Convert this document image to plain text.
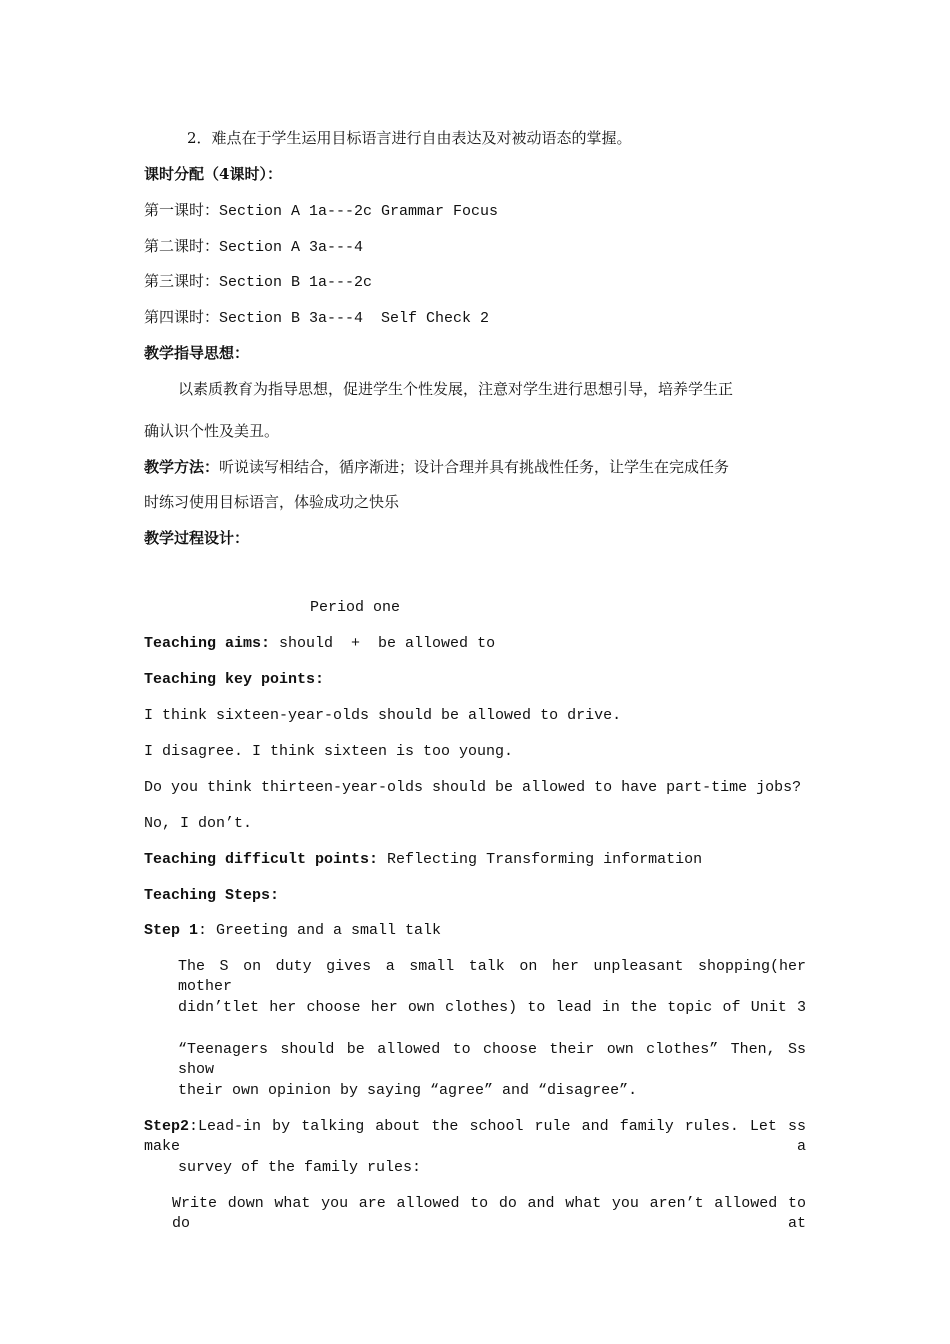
2．难点在于学生运用目标语言进行自由表达及对被动语态的掌握。
课时分配（4课时）：
第一课时：Section A 1a---2c Grammar Focus
第二课时：Section A 3a---4
第三课时：Section B 1a---2c
第四课时：Section B 3a---4  Self Check 2
教学指导思想：
以素质教育为指导思想，促进学生个性发展，注意对学生进行思想引导，培养学生正
确认识个性及美丑。
教学方法：听说读写相结合，循序渐进；设计合理并具有挑战性任务，让学生在完成任务
时练习使用目标语言，体验成功之快乐
教学过程设计：
Period one
Teaching aims: should  +  be allowed to
Teaching key points:
I think sixteen-year-olds should be allowed to drive.
I disagree. I think sixteen is too young.
Do you think thirteen-year-olds should be allowed to have part-time jobs?
No, I don’t.
Teaching difficult points: Reflecting Transforming information
Teaching Steps:
Step 1: Greeting and a small talk
The S on duty gives a small talk on her unpleasant shopping(her mother
didn’tlet her choose her own clothes) to lead in the topic of Unit 3
“Teenagers should be allowed to choose their own clothes” Then, Ss show
their own opinion by saying “agree” and “disagree”.
Step2:Lead-in by talking about the school rule and family rules. Let ss make a
survey of the family rules:
Write down what you are allowed to do and what you aren’t allowed to do at
